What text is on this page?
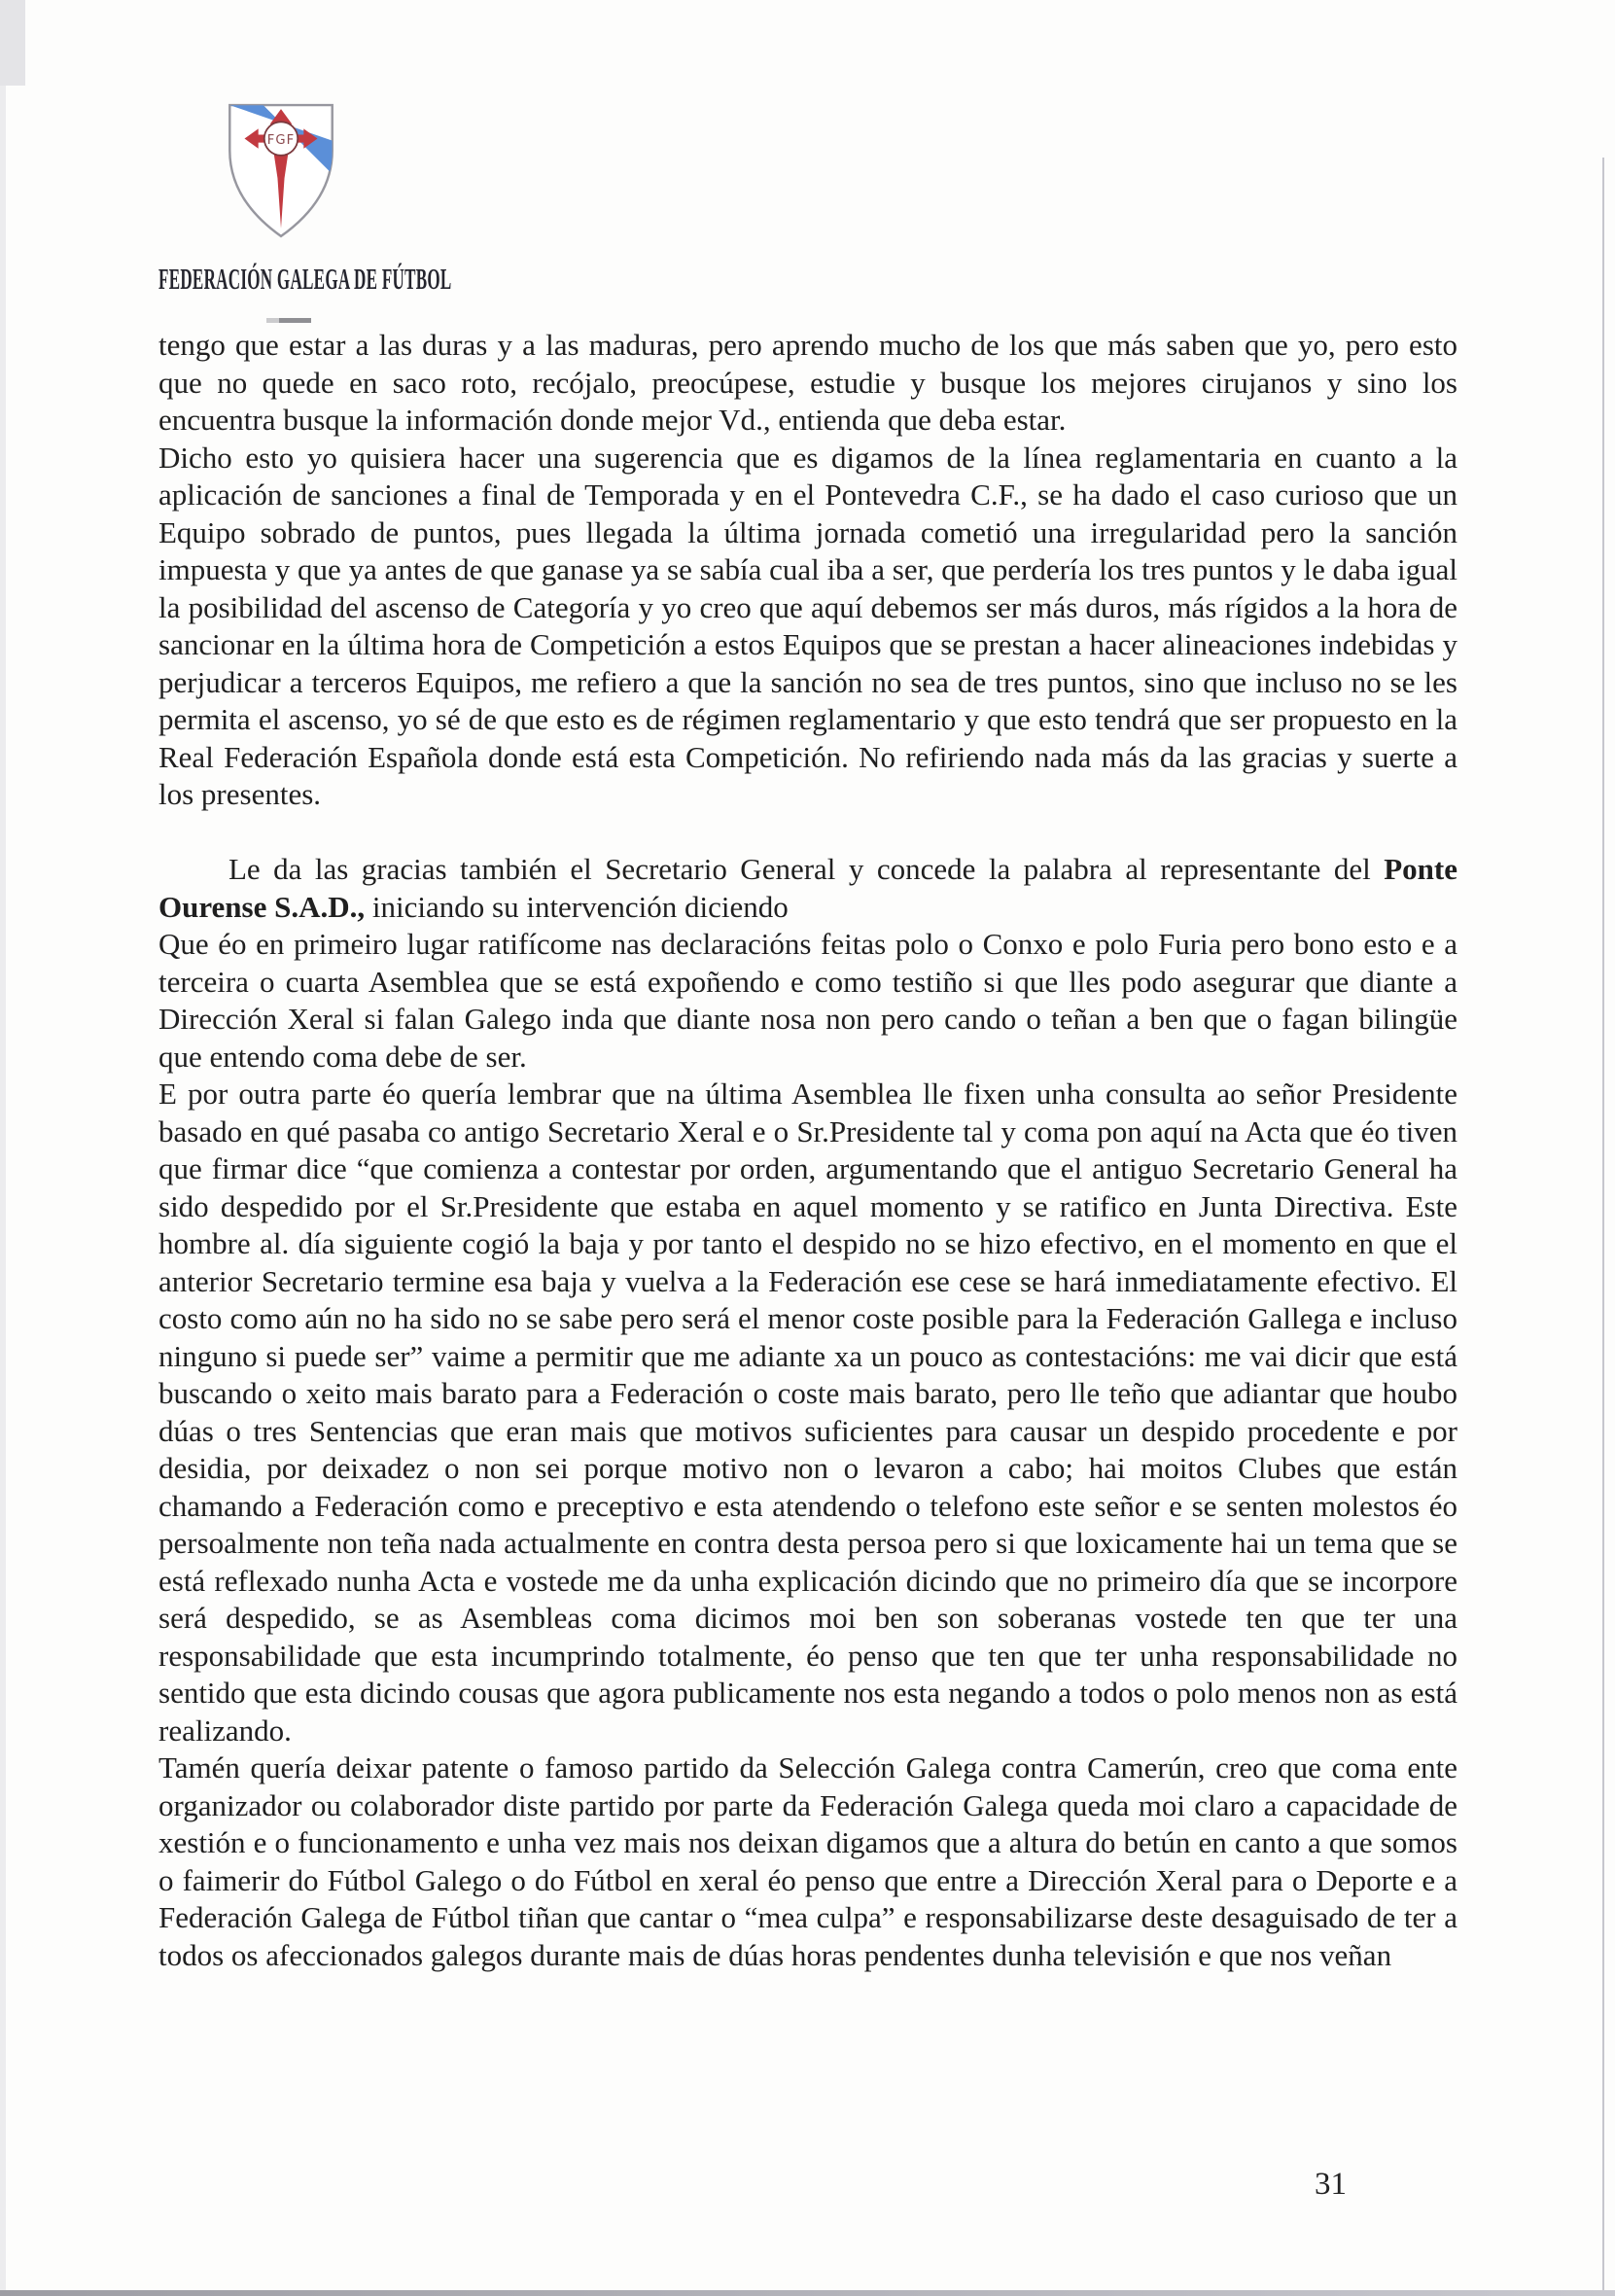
FGF
FEDERACIÓN GALEGA DE FÚTBOL

tengo que estar a las duras y a las maduras, pero aprendo mucho de los que más saben que yo, pero esto que no quede en saco roto, recójalo, preocúpese, estudie y busque los mejores cirujanos y sino los encuentra busque la información donde mejor Vd., entienda que deba estar.

Dicho esto yo quisiera hacer una sugerencia que es digamos de la línea reglamentaria en cuanto a la aplicación de sanciones a final de Temporada y en el Pontevedra C.F., se ha dado el caso curioso que un Equipo sobrado de puntos, pues llegada la última jornada cometió una irregularidad pero la sanción impuesta y que ya antes de que ganase ya se sabía cual iba a ser, que perdería los tres puntos y le daba igual la posibilidad del ascenso de Categoría y yo creo que aquí debemos ser más duros, más rígidos a la hora de sancionar en la última hora de Competición a estos Equipos que se prestan a hacer alineaciones indebidas y perjudicar a terceros Equipos, me refiero a que la sanción no sea de tres puntos, sino que incluso no se les permita el ascenso, yo sé de que esto es de régimen reglamentario y que esto tendrá que ser propuesto en la Real Federación Española donde está esta Competición. No refiriendo nada más da las gracias y suerte a los presentes.

Le da las gracias también el Secretario General y concede la palabra al representante del Ponte Ourense S.A.D., iniciando su intervención diciendo

Que éo en primeiro lugar ratifícome nas declaracións feitas polo o Conxo e polo Furia pero bono esto e a terceira o cuarta Asemblea que se está expoñendo e como testiño si que lles podo asegurar que diante a Dirección Xeral si falan Galego inda que diante nosa non pero cando o teñan a ben que o fagan bilingüe que entendo coma debe de ser.

E por outra parte éo quería lembrar que na última Asemblea lle fixen unha consulta ao señor Presidente basado en qué pasaba co antigo Secretario Xeral e o Sr.Presidente tal y coma pon aquí na Acta que éo tiven que firmar dice “que comienza a contestar por orden, argumentando que el antiguo Secretario General ha sido despedido por el Sr.Presidente que estaba en aquel momento y se ratifico en Junta Directiva. Este hombre al. día siguiente cogió la baja y por tanto el despido no se hizo efectivo, en el momento en que el anterior Secretario termine esa baja y vuelva a la Federación ese cese se hará inmediatamente efectivo. El costo como aún no ha sido no se sabe pero será el menor coste posible para la Federación Gallega e incluso ninguno si puede ser” vaime a permitir que me adiante xa un pouco as contestacións: me vai dicir que está buscando o xeito mais barato para a Federación o coste mais barato, pero lle teño que adiantar que houbo dúas o tres Sentencias que eran mais que motivos suficientes para causar un despido procedente e por desidia, por deixadez o non sei porque motivo non o levaron a cabo; hai moitos Clubes que están chamando a Federación como e preceptivo e esta atendendo o telefono este señor e se senten molestos éo persoalmente non teña nada actualmente en contra desta persoa pero si que loxicamente hai un tema que se está reflexado nunha Acta e vostede me da unha explicación dicindo que no primeiro día que se incorpore será despedido, se as Asembleas coma dicimos moi ben son soberanas vostede ten que ter una responsabilidade que esta incumprindo totalmente, éo penso que ten que ter unha responsabilidade no sentido que esta dicindo cousas que agora publicamente nos esta negando a todos o polo menos non as está realizando.

Tamén quería deixar patente o famoso partido da Selección Galega contra Camerún, creo que coma ente organizador ou colaborador diste partido por parte da Federación Galega queda moi claro a capacidade de xestión e o funcionamento e unha vez mais nos deixan digamos que a altura do betún en canto a que somos o faimerir do Fútbol Galego o do Fútbol en xeral éo penso que entre a Dirección Xeral para o Deporte e a Federación Galega de Fútbol tiñan que cantar o “mea culpa” e responsabilizarse deste desaguisado de ter a todos os afeccionados galegos durante mais de dúas horas pendentes dunha televisión e que nos veñan

31
